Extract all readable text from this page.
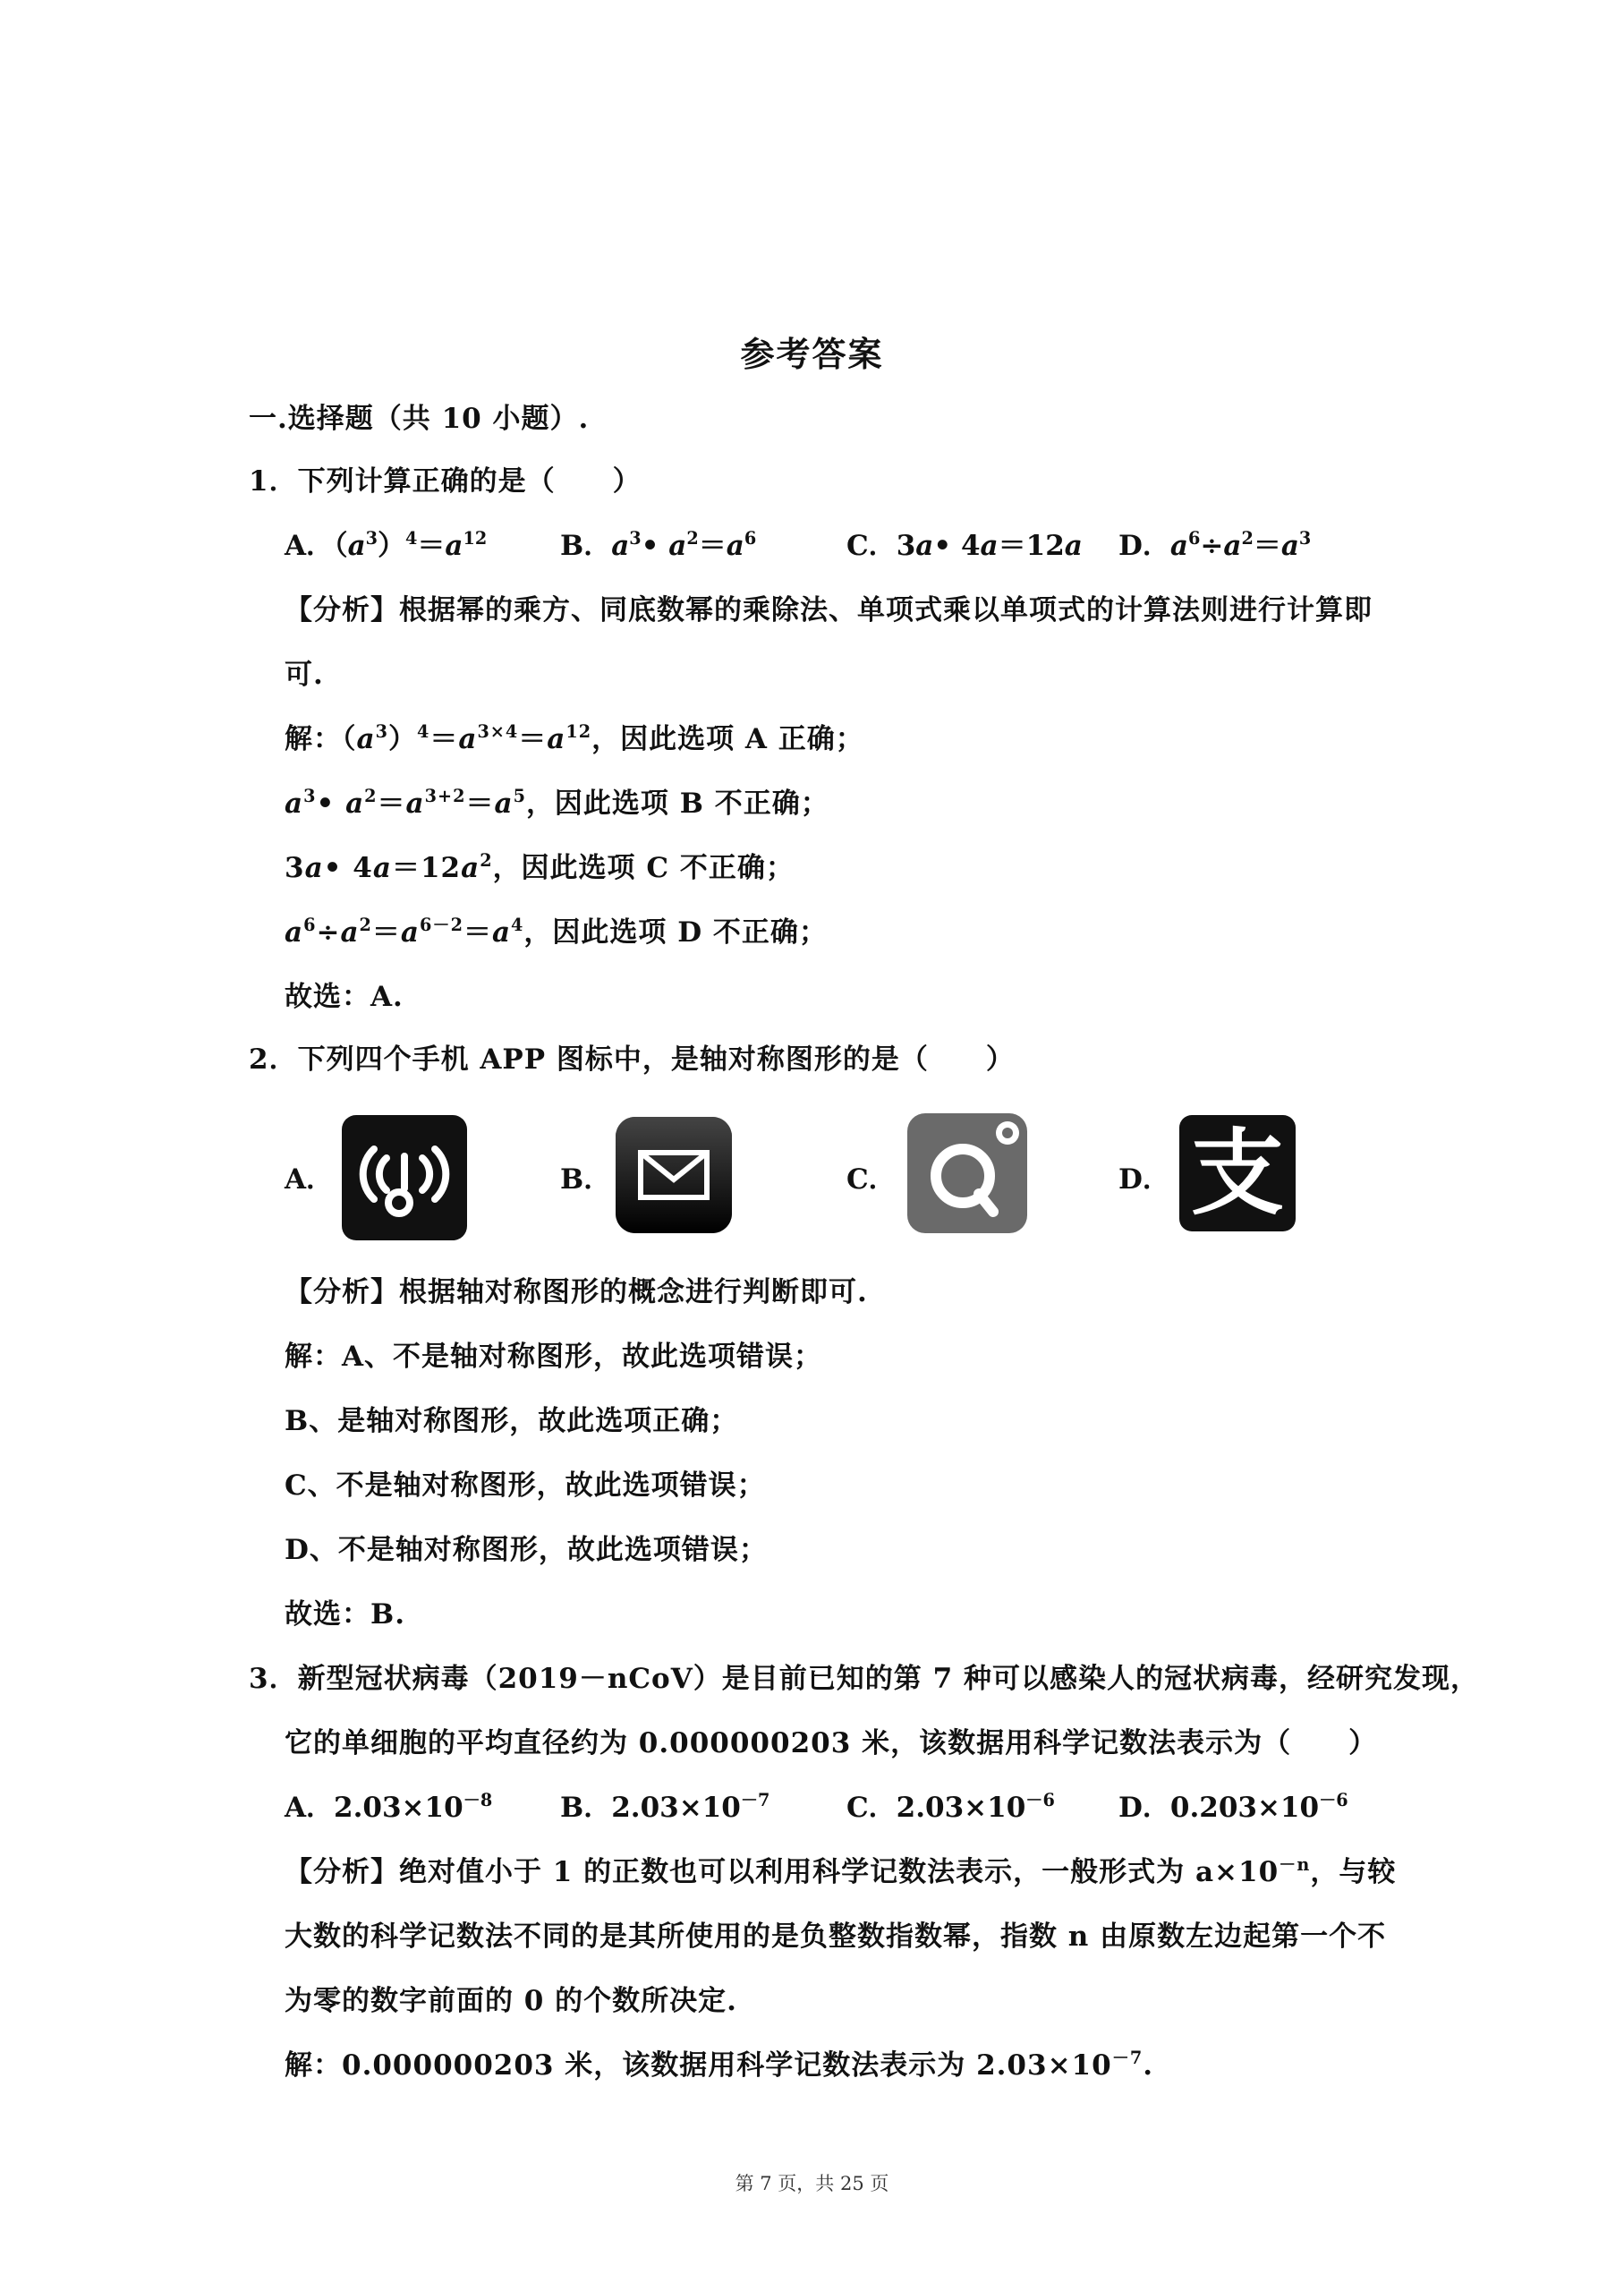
参考答案
一.选择题（共 10 小题）.
1．下列计算正确的是（　　）
A．$(a^3)^4=a^{12}$	B．$a^3•$ $a^2=a^6$	C．3a• 4a＝12a D．$a^6\div a^2=a^3$
【分析】根据幂的乘方、同底数幂的乘除法、单项式乘以单项式的计算法则进行计算即
可.
解：$(a^3)^4=a^{3\times 4}=a^{12}$，因此选项 A 正确；
$a^3•$ $a^2=a^{3+2}=a^5$，因此选项 B 不正确；
3a• $4a=12a^2$，因此选项 C 不正确；
$a^6\div a^2=a^{6-2}=a^4$，因此选项 D 不正确；
故选：A.
2．下列四个手机 APP 图标中，是轴对称图形的是（　　）
A．	B．	C．	D． 支
【分析】根据轴对称图形的概念进行判断即可.
解：A、不是轴对称图形，故此选项错误；
B、是轴对称图形，故此选项正确；
C、不是轴对称图形，故此选项错误；
D、不是轴对称图形，故此选项错误；
故选：B.
3．新型冠状病毒（2019－nCoV）是目前已知的第 7 种可以感染人的冠状病毒，经研究发现，
它的单细胞的平均直径约为 0.000000203 米，该数据用科学记数法表示为（　　）
A．$2.03\times 10^{-8}$ B．$2.03\times 10^{-7}$	C．$2.03\times 10^{-6}$ D．$0.203\times 10^{-6}$
【分析】绝对值小于 1 的正数也可以利用科学记数法表示，一般形式为 $a\times 10^{-n}$，与较
大数的科学记数法不同的是其所使用的是负整数指数幂，指数 n 由原数左边起第一个不
为零的数字前面的 0 的个数所决定.
解：0.000000203 米，该数据用科学记数法表示为 $2.03\times 10^{-7}$.
第 7 页，共 25 页
